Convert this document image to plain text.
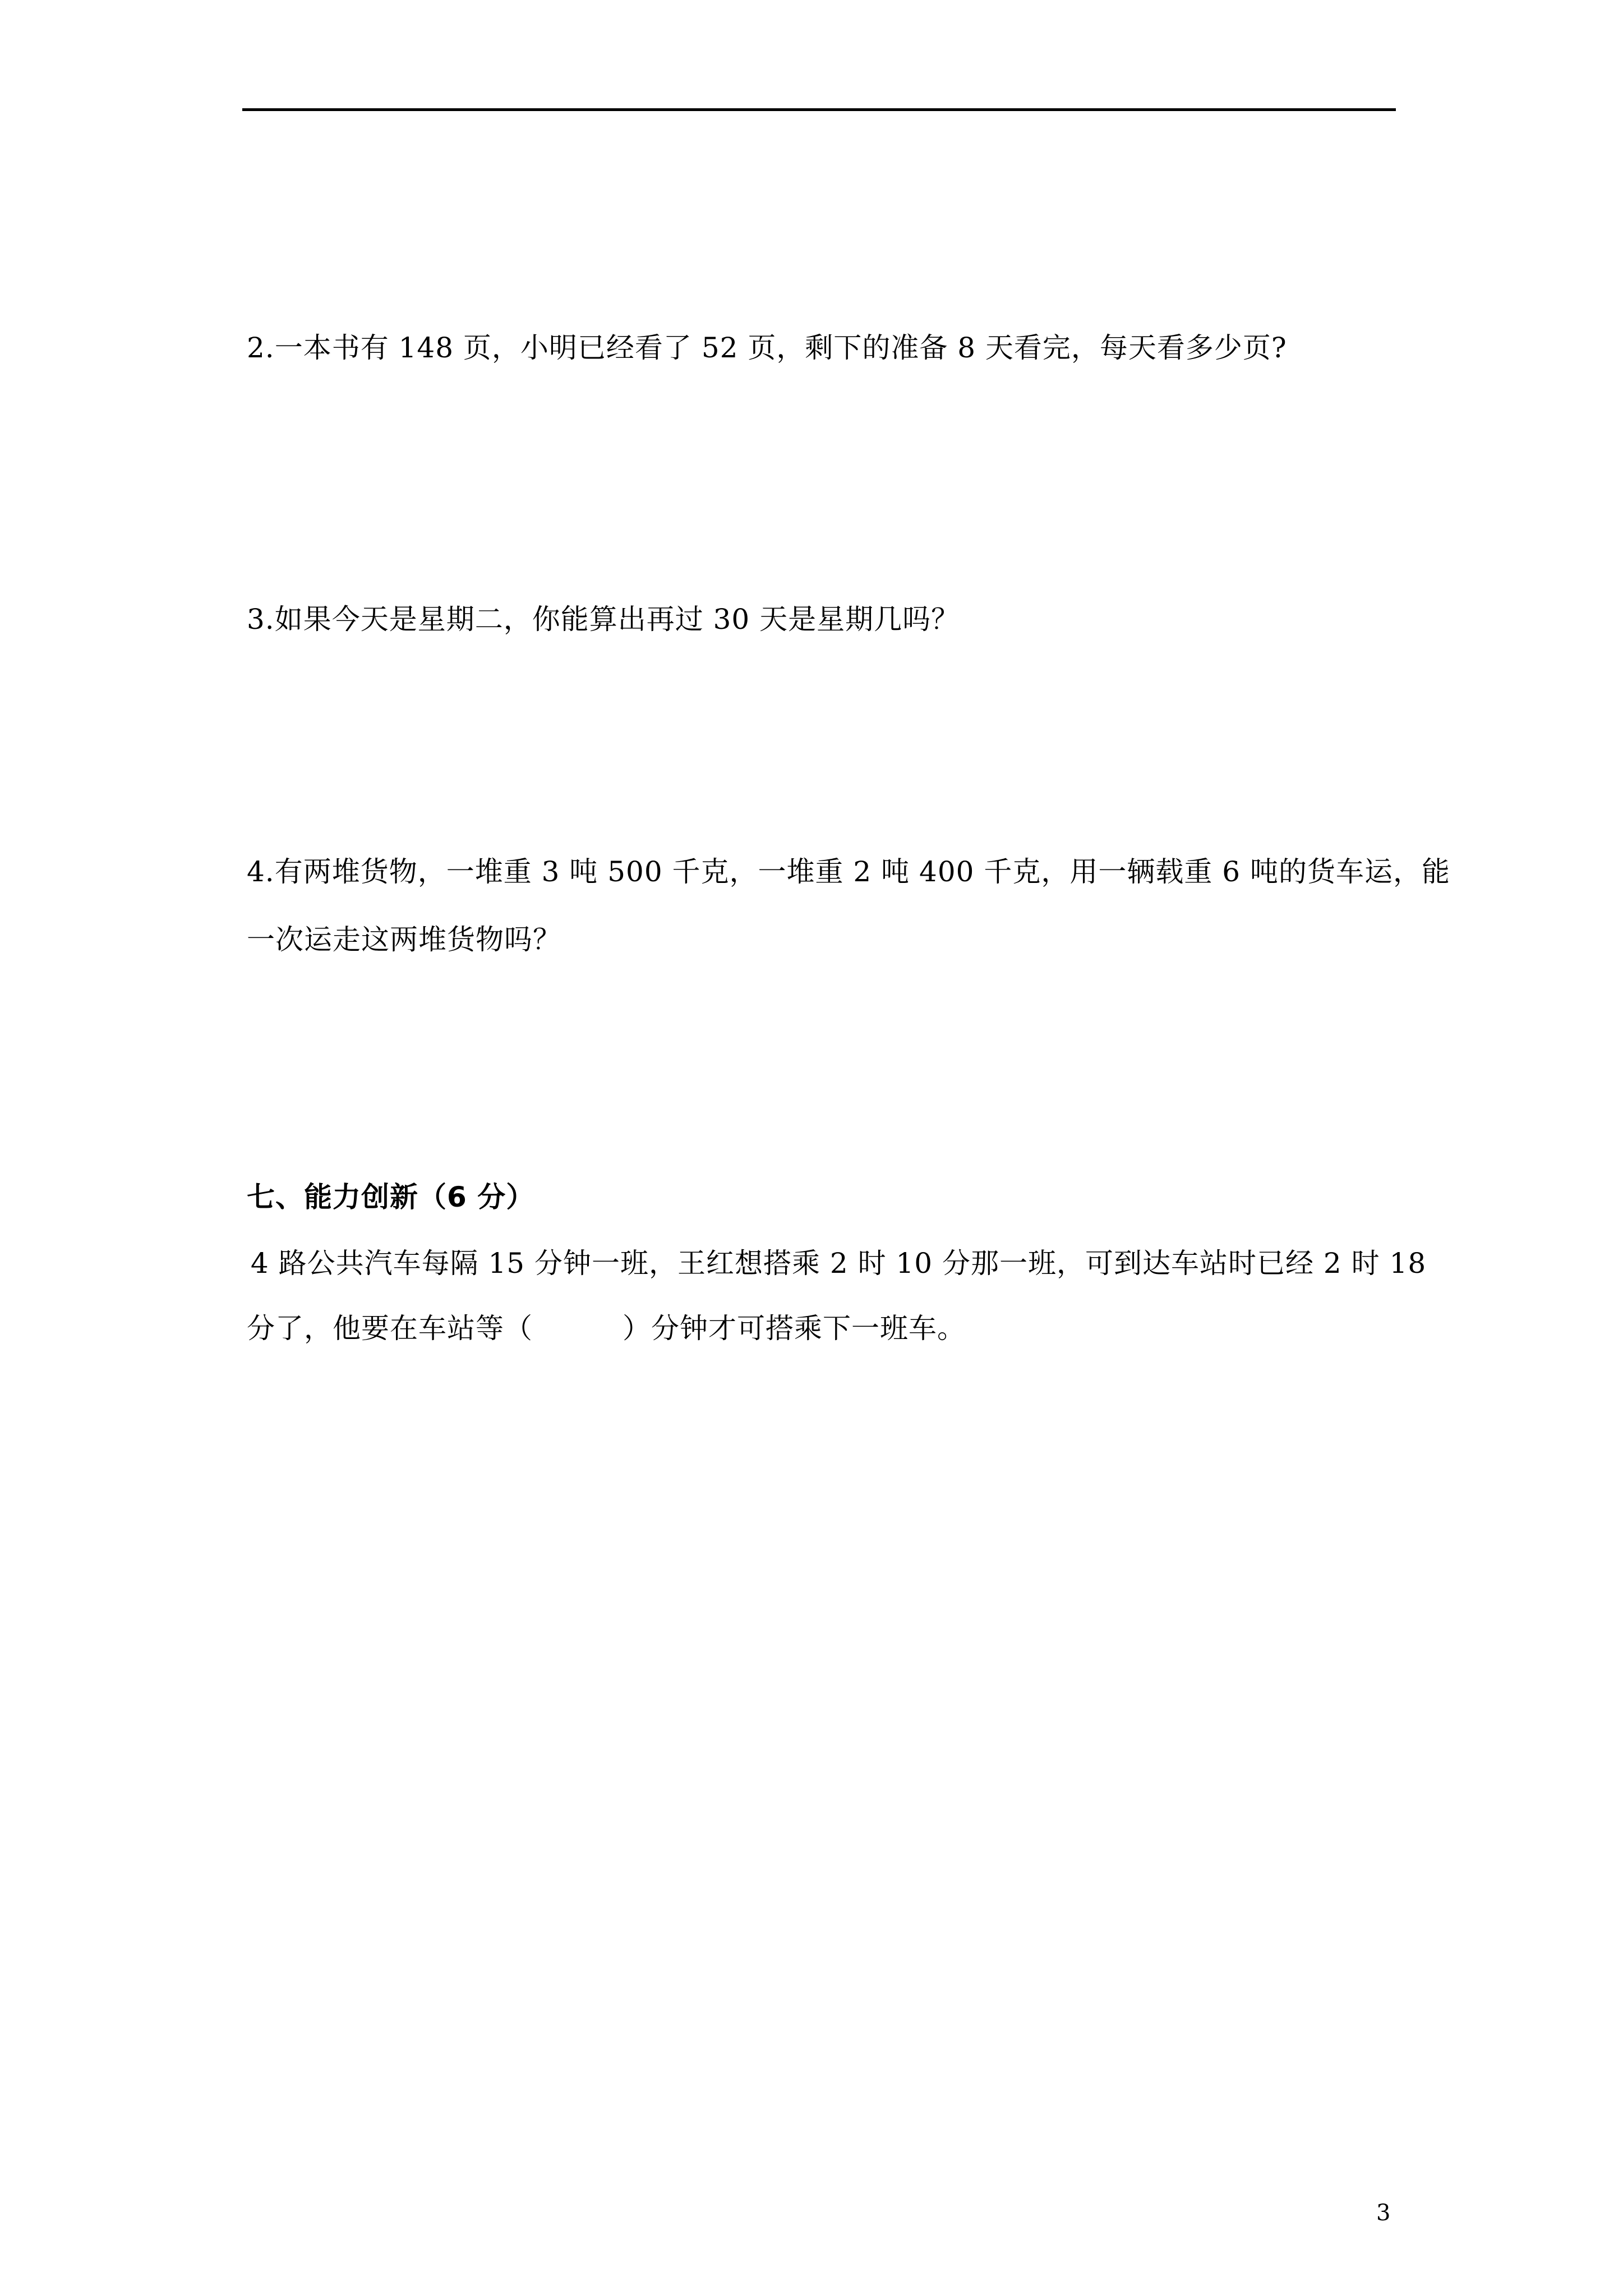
2.一本书有 148 页，小明已经看了 52 页，剩下的准备 8 天看完，每天看多少页?
3.如果今天是星期二，你能算出再过 30 天是星期几吗？
4.有两堆货物，一堆重 3 吨 500 千克，一堆重 2 吨 400 千克，用一辆载重 6 吨的货车运，能
一次运走这两堆货物吗？
七、能力创新（6 分）
4 路公共汽车每隔 15 分钟一班，王红想搭乘 2 时 10 分那一班，可到达车站时已经 2 时 18
分了，他要在车站等（	）分钟才可搭乘下一班车。
3
